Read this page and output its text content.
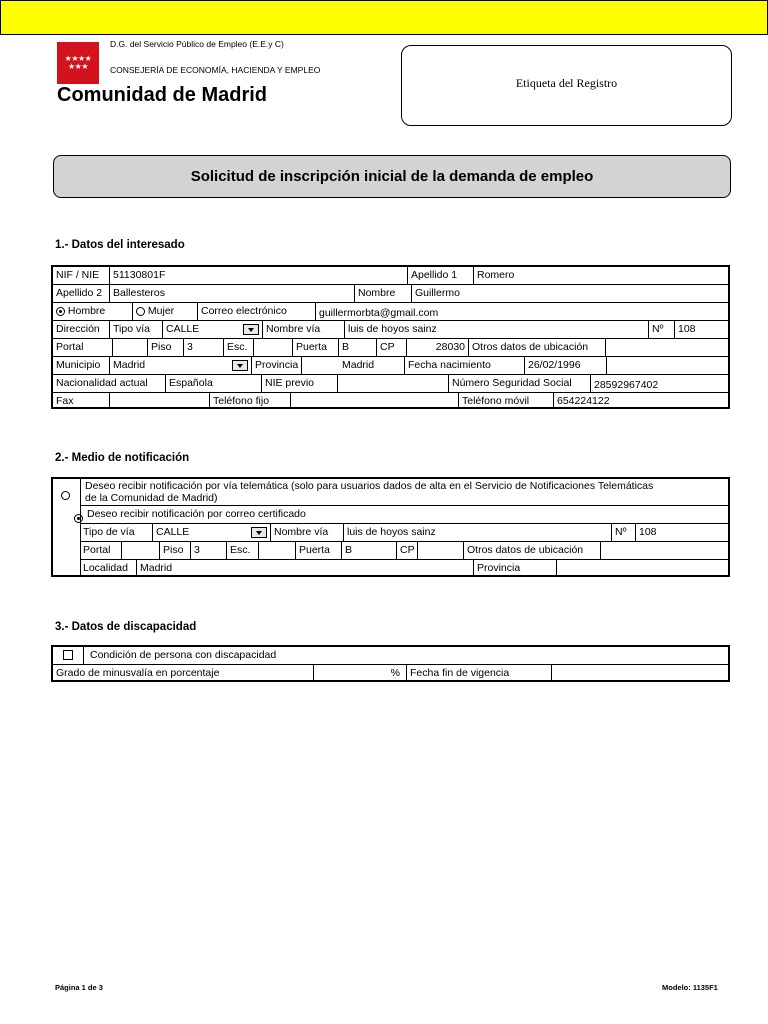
★★★★ ★★★
D.G. del Servicio Público de Empleo (E.E.y C)
CONSEJERÍA DE ECONOMÍA, HACIENDA Y EMPLEO
Comunidad de Madrid
Etiqueta del Registro
Solicitud de inscripción inicial de la demanda de empleo
1.- Datos del interesado
NIF / NIE	51130801F	Apellido 1	Romero
Apellido 2	Ballesteros	Nombre	Guillermo
Hombre	Mujer	Correo electrónico	guillermorbta@gmail.com
Dirección	Tipo vía	CALLE	Nombre vía	luis de hoyos sainz	Nº	108
Portal	Piso	3	Esc.	Puerta	B	CP	28030 Otros datos de ubicación
Municipio	Madrid	Provincia	Madrid	Fecha nacimiento	26/02/1996
Nacionalidad actual	Española	NIE previo	Número Seguridad Social	28592967402
Fax	Teléfono fijo	Teléfono móvil	654224122
2.- Medio de notificación

Deseo recibir notificación por vía telemática (solo para usuarios dados de alta en el Servicio de Notificaciones Telemáticas
de la Comunidad de Madrid)
Deseo recibir notificación por correo certificado
Tipo de vía	CALLE	Nombre vía	luis de hoyos sainz	Nº	108
Portal	Piso	3	Esc.	Puerta	B	CP	Otros datos de ubicación
Localidad	Madrid	Provincia
3.- Datos de discapacidad
Condición de persona con discapacidad
Grado de minusvalía en porcentaje	% Fecha fin de vigencia
Página 1 de 3	Modelo: 1135F1
